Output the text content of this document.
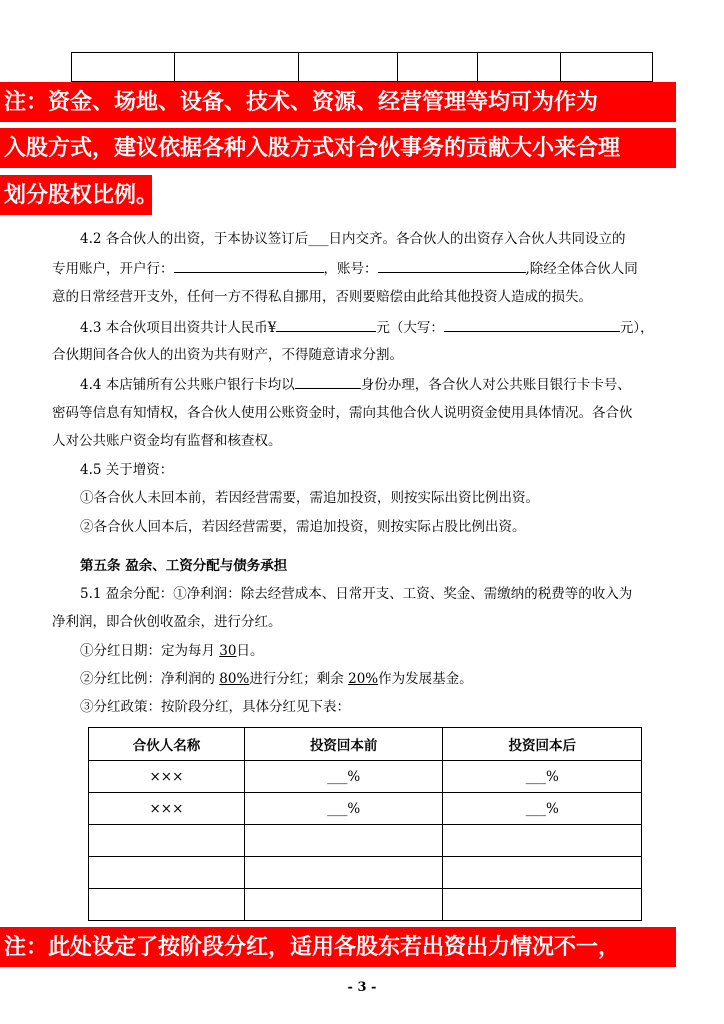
注：资金、场地、设备、技术、资源、经营管理等均可为作为
入股方式，建议依据各种入股方式对合伙事务的贡献大小来合理
划分股权比例。
4.2 各合伙人的出资，于本协议签订后___日内交齐。各合伙人的出资存入合伙人共同设立的
专用账户，开户行：	，账号：	,除经全体合伙人同
意的日常经营开支外，任何一方不得私自挪用，否则要赔偿由此给其他投资人造成的损失。
4.3 本合伙项目出资共计人民币¥	元（大写：	元），
合伙期间各合伙人的出资为共有财产，不得随意请求分割。
4.4 本店铺所有公共账户银行卡均以	身份办理，各合伙人对公共账目银行卡卡号、
密码等信息有知情权，各合伙人使用公账资金时，需向其他合伙人说明资金使用具体情况。各合伙
人对公共账户资金均有监督和核查权。
4.5 关于增资：
①各合伙人未回本前，若因经营需要，需追加投资，则按实际出资比例出资。
②各合伙人回本后，若因经营需要，需追加投资，则按实际占股比例出资。
第五条 盈余、工资分配与债务承担
5.1 盈余分配：①净利润：除去经营成本、日常开支、工资、奖金、需缴纳的税费等的收入为
净利润，即合伙创收盈余，进行分红。
①分红日期：定为每月 30日。
②分红比例：净利润的 80%进行分红；剩余 20%作为发展基金。
③分红政策：按阶段分红，具体分红见下表：
合伙人名称	投资回本前	投资回本后
×××	___%	___%
×××	___%	___%

注：此处设定了按阶段分红，适用各股东若出资出力情况不一，
- 3 -
